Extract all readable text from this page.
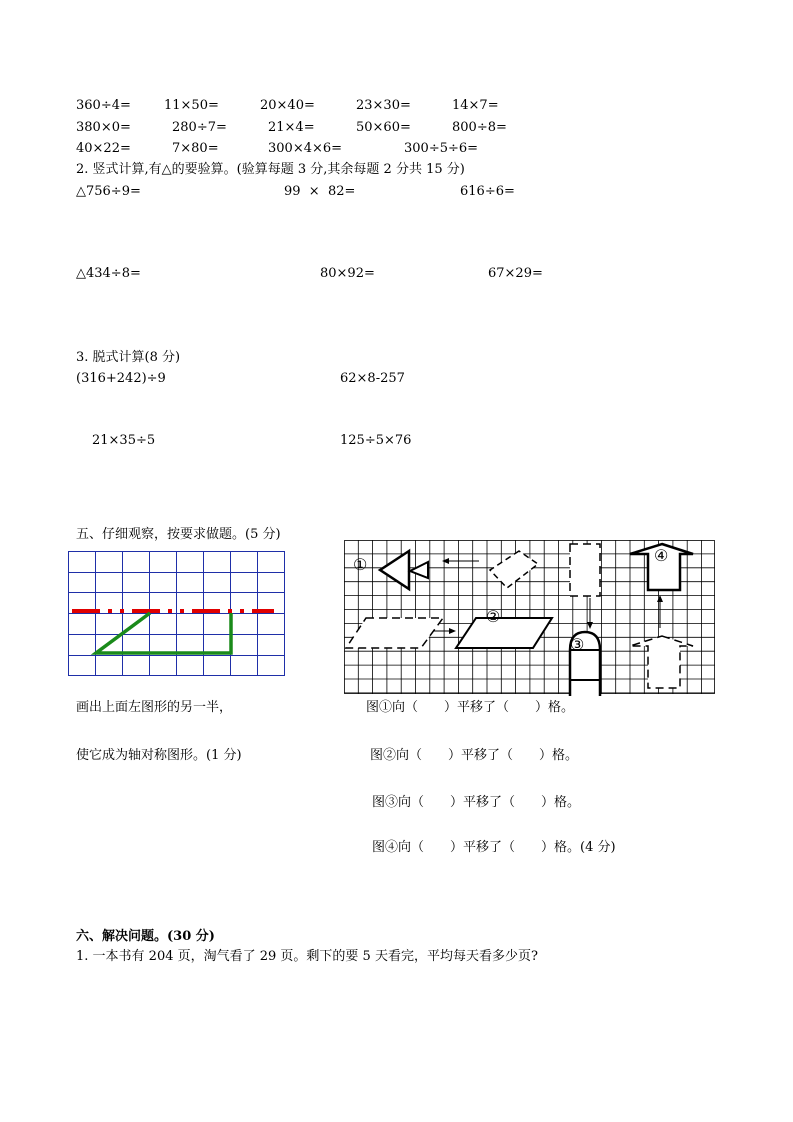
360÷4=	11×50=	20×40=	23×30=	14×7=
380×0=	280÷7=	21×4=	50×60=	800÷8=
40×22=	7×80=	300×4×6=	300÷5÷6=
2. 竖式计算,有△的要验算。(验算每题 3 分,其余每题 2 分共 15 分)
△756÷9=	99  ×  82=	616÷6=
△434÷8=	80×92=	67×29=
3. 脱式计算(8 分)
(316+242)÷9	62×8-257
21×35÷5	125÷5×76
五、仔细观察，按要求做题。(5 分)
①
②
③
④
画出上面左图形的另一半，
使它成为轴对称图形。(1 分)
图①向（　　）平移了（　　）格。
图②向（　　）平移了（　　）格。
图③向（　　）平移了（　　）格。
图④向（　　）平移了（　　）格。(4 分)
六、解决问题。(30 分)
1. 一本书有 204 页，淘气看了 29 页。剩下的要 5 天看完，平均每天看多少页?
